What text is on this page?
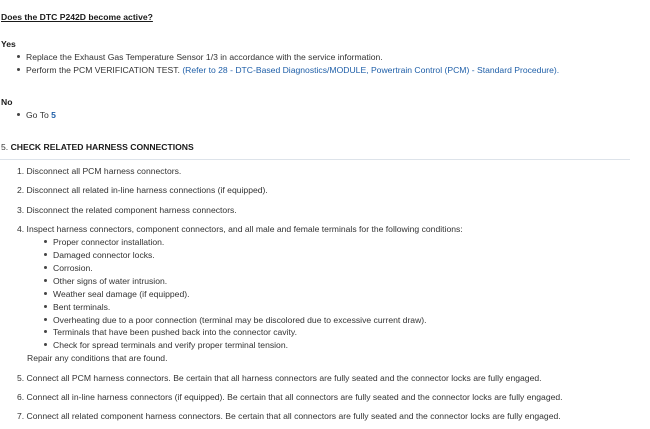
Does the DTC P242D become active?
Yes
Replace the Exhaust Gas Temperature Sensor 1/3 in accordance with the service information.
Perform the PCM VERIFICATION TEST. (Refer to 28 - DTC-Based Diagnostics/MODULE, Powertrain Control (PCM) - Standard Procedure).
No
Go To 5
5. CHECK RELATED HARNESS CONNECTIONS
1. Disconnect all PCM harness connectors.
2. Disconnect all related in-line harness connections (if equipped).
3. Disconnect the related component harness connectors.
4. Inspect harness connectors, component connectors, and all male and female terminals for the following conditions:
Proper connector installation.
Damaged connector locks.
Corrosion.
Other signs of water intrusion.
Weather seal damage (if equipped).
Bent terminals.
Overheating due to a poor connection (terminal may be discolored due to excessive current draw).
Terminals that have been pushed back into the connector cavity.
Check for spread terminals and verify proper terminal tension.
Repair any conditions that are found.
5. Connect all PCM harness connectors. Be certain that all harness connectors are fully seated and the connector locks are fully engaged.
6. Connect all in-line harness connectors (if equipped). Be certain that all connectors are fully seated and the connector locks are fully engaged.
7. Connect all related component harness connectors. Be certain that all connectors are fully seated and the connector locks are fully engaged.
